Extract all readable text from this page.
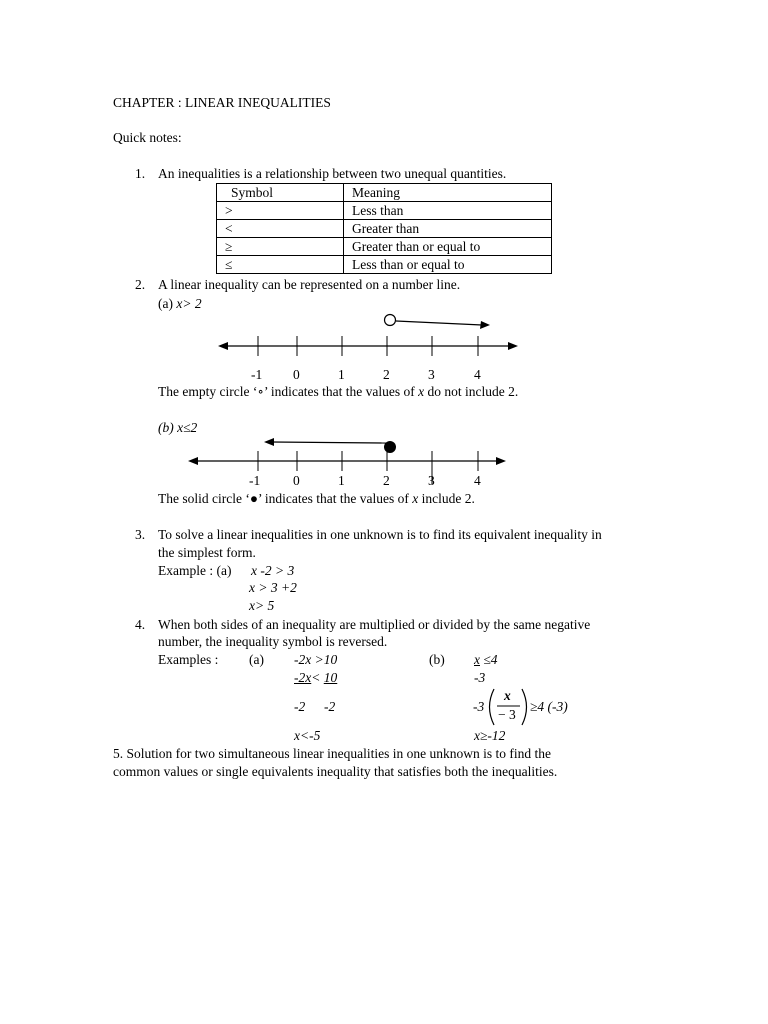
CHAPTER : LINEAR INEQUALITIES
Quick notes:
1. An inequalities is a relationship between two unequal quantities.
Symbol	Meaning
>	Less than
<	Greater than
≥	Greater than or equal to
≤	Less than or equal to
2. A linear inequality can be represented on a number line.
(a) x> 2
-1 0	1	2	3	4
The empty circle ‘∘’ indicates that the values of x do not include 2.
(b) x≤2
-1 0	1	2	3	4
The solid circle ‘●’ indicates that the values of x include 2.
3. To solve a linear inequalities in one unknown is to find its equivalent inequality in
the simplest form.
Example : (a) x -2 > 3
x > 3 +2
x> 5
4. When both sides of an inequality are multiplied or divided by the same negative
number, the inequality symbol is reversed.
Examples : (a) -2x >10
-2x< 10
-2 -2
x<-5
(b) x ≤4
-3
-3
x
− 3
≥4 (-3)
x≥-12
5. Solution for two simultaneous linear inequalities in one unknown is to find the
common values or single equivalents inequality that satisfies both the inequalities.
